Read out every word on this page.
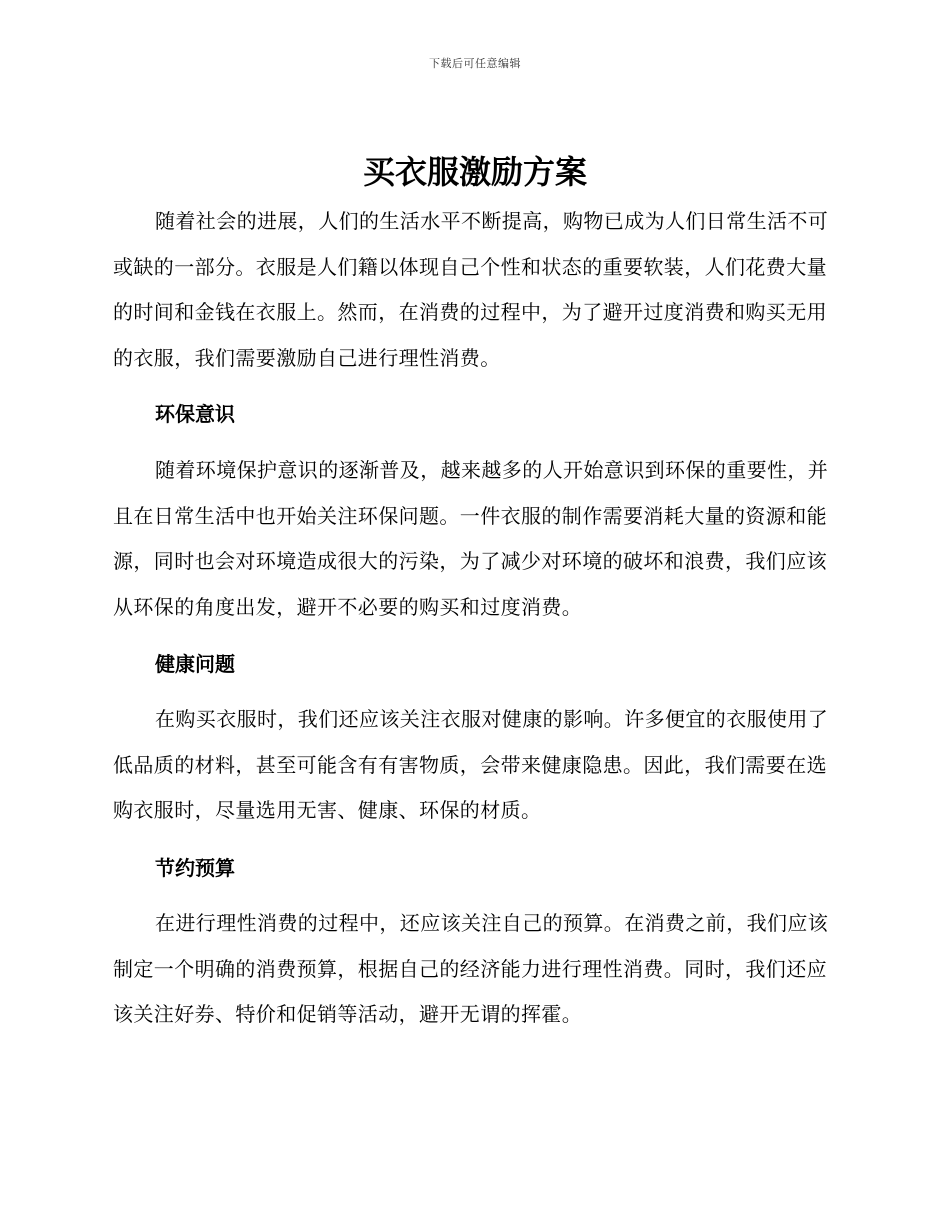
下载后可任意编辑
买衣服激励方案

随着社会的进展，人们的生活水平不断提高，购物已成为人们日常生活不可或缺的一部分。衣服是人们籍以体现自己个性和状态的重要软装，人们花费大量的时间和金钱在衣服上。然而，在消费的过程中，为了避开过度消费和购买无用的衣服，我们需要激励自己进行理性消费。

环保意识

随着环境保护意识的逐渐普及，越来越多的人开始意识到环保的重要性，并且在日常生活中也开始关注环保问题。一件衣服的制作需要消耗大量的资源和能源，同时也会对环境造成很大的污染，为了减少对环境的破坏和浪费，我们应该从环保的角度出发，避开不必要的购买和过度消费。

健康问题

在购买衣服时，我们还应该关注衣服对健康的影响。许多便宜的衣服使用了低品质的材料，甚至可能含有有害物质，会带来健康隐患。因此，我们需要在选购衣服时，尽量选用无害、健康、环保的材质。

节约预算

在进行理性消费的过程中，还应该关注自己的预算。在消费之前，我们应该制定一个明确的消费预算，根据自己的经济能力进行理性消费。同时，我们还应该关注好券、特价和促销等活动，避开无谓的挥霍。
